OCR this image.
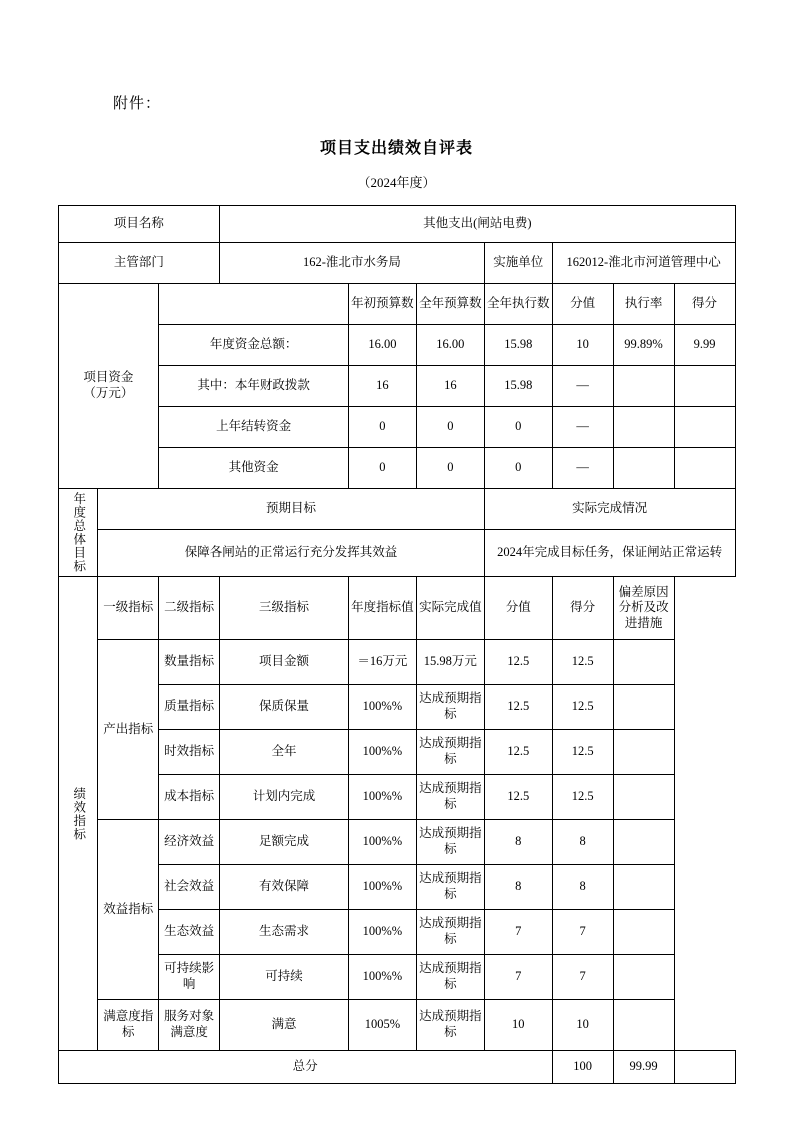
附件：
项目支出绩效自评表
（2024年度）
项目名称			其他支出(闸站电费)						
主管部门			162-淮北市水务局			实施单位	162012-淮北市河道管理中心		

项目资金
（万元）				年初预算数	全年预算数	全年执行数	分值	执行率	得分
		年度资金总额：		16.00	16.00	15.98	10	99.89%	9.99
		其中：本年财政拨款		16	16	15.98	—		
		上年结转资金		0	0	0	—		
		其他资金		0	0	0	—		

年度总体目标	预期目标					实际完成情况			
	保障各闸站的正常运行充分发挥其效益					2024年完成目标任务，保证闸站正常运转			

绩效指标	一级指标	二级指标	三级指标	年度指标值	实际完成值	分值	得分	偏差原因分析及改进措施	
	产出指标	数量指标	项目金额	＝16万元	15.98万元	12.5	12.5		
		质量指标	保质保量	100%%	达成预期指标	12.5	12.5		
		时效指标	全年	100%%	达成预期指标	12.5	12.5		
		成本指标	计划内完成	100%%	达成预期指标	12.5	12.5		
	效益指标	经济效益	足额完成	100%%	达成预期指标	8	8		
		社会效益	有效保障	100%%	达成预期指标	8	8		
		生态效益	生态需求	100%%	达成预期指标	7	7		
		可持续影响	可持续	100%%	达成预期指标	7	7		
	满意度指标	服务对象满意度	满意	1005%	达成预期指标	10	10		
总分							100	99.99	
